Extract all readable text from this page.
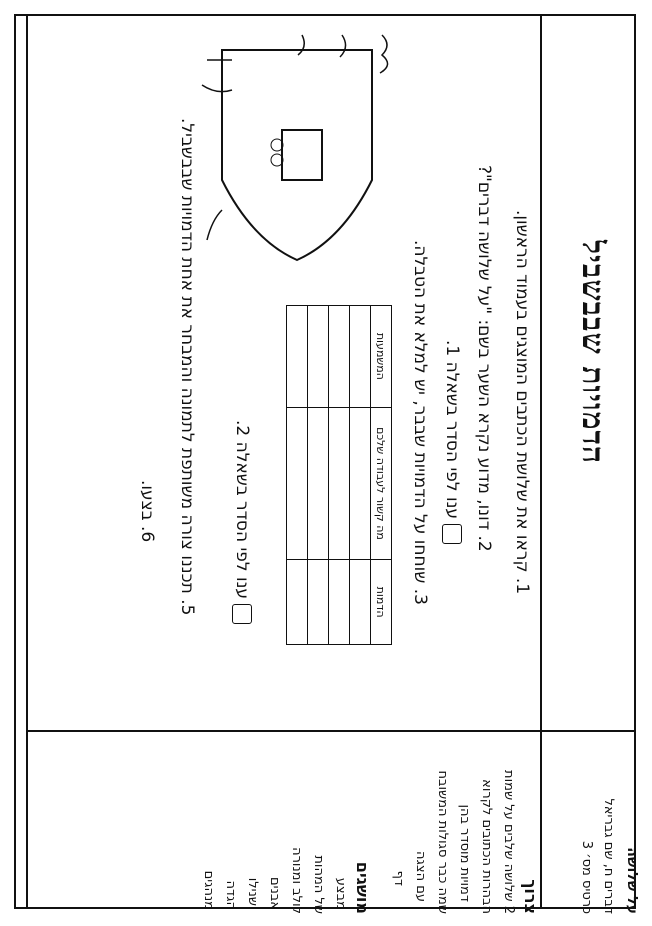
על שלושה
דברים ח, שם גבריאל
כרטיס מס׳ 3
צרוך
2 שלושה שלבים על שמות
הבהרות הכתובים לקרוא
דמויות מוסדר בהן
שמה כבר סגולות המשובח
עם הצגה
דף
מושגים
מבצע
של המהות
לולב ומנורה
אבנים
שנילו
הגדה
מנהגים
הדמויות שבבשביל
1. קראו את שלושת הכתבים המוצגים בעמוד הראשון.
2. דונו, מדוע נקרא השער בשם: "על שלושה דברים"?
ענו לפי הסדר בשאלה 1.
3. שוחחו על הדמויות שבבר, יש למלא את הטבלה.
הדמות	מה קשור לעבודה שלכם	המשמעות

ענו לפי הסדר בשאלה 2.
5. תכננו צורה משותפת לתמונה והמבחר את אחת הדמויות שבבשביל.
6. בצעו.
